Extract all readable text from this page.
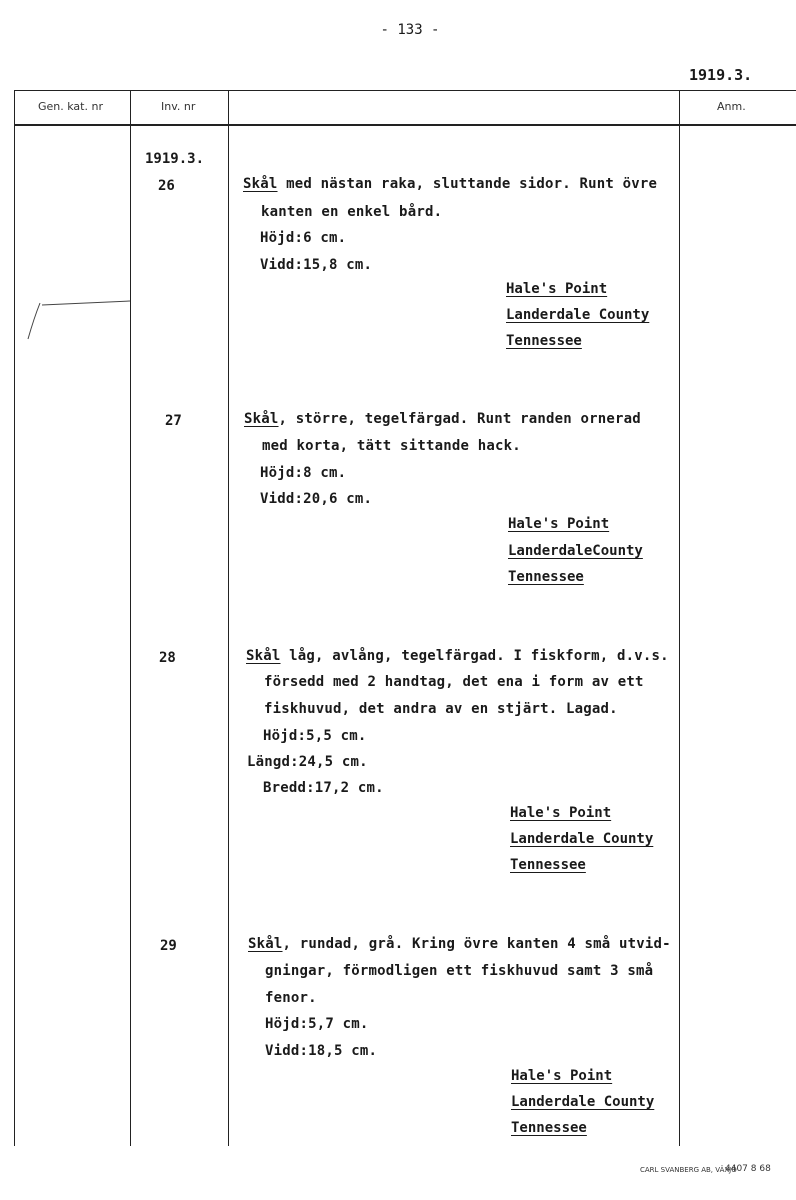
- 133 -
1919.3.
Gen. kat. nr	Inv. nr	Anm.
1919.3.
26	Skål med nästan raka, sluttande sidor. Runt övre
kanten en enkel bård.
Höjd:6 cm.
Vidd:15,8 cm.
Hale's Point
Landerdale County
Tennessee
27	Skål, större, tegelfärgad. Runt randen ornerad
med korta, tätt sittande hack.
Höjd:8 cm.
Vidd:20,6 cm.
Hale's Point
LanderdaleCounty
Tennessee
28	Skål låg, avlång, tegelfärgad. I fiskform, d.v.s.
försedd med 2 handtag, det ena i form av ett
fiskhuvud, det andra av en stjärt. Lagad.
Höjd:5,5 cm.
Längd:24,5 cm.
Bredd:17,2 cm.
Hale's Point
Landerdale County
Tennessee
29	Skål, rundad, grå. Kring övre kanten 4 små utvid-
gningar, förmodligen ett fiskhuvud samt 3 små
fenor.
Höjd:5,7 cm.
Vidd:18,5 cm.
Hale's Point
Landerdale County
Tennessee
CARL SVANBERG AB, VÄXJÖ
4407 8 68
